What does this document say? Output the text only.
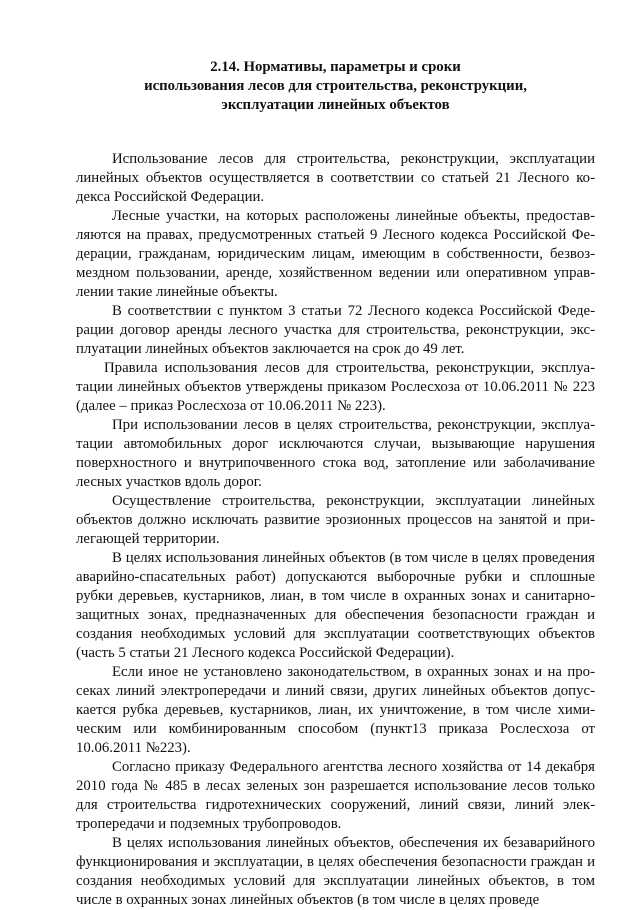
2.14. Нормативы, параметры и сроки
использования лесов для строительства, реконструкции,
эксплуатации линейных объектов

Использование лесов для строительства, реконструкции, эксплуатации линейных объектов осуществляется в соответствии со статьей 21 Лесного кодекса Российской Федерации.

Лесные участки, на которых расположены линейные объекты, предоставляются на правах, предусмотренных статьей 9 Лесного кодекса Российской Федерации, гражданам, юридическим лицам, имеющим в собственности, безвозмездном пользовании, аренде, хозяйственном ведении или оперативном управлении такие линейные объекты.

В соответствии с пунктом 3 статьи 72 Лесного кодекса Российской Федерации договор аренды лесного участка для строительства, реконструкции, эксплуатации линейных объектов заключается на срок до 49 лет.

Правила использования лесов для строительства, реконструкции, эксплуатации линейных объектов утверждены приказом Рослесхоза от 10.06.2011 № 223 (далее – приказ Рослесхоза от 10.06.2011 № 223).

При использовании лесов в целях строительства, реконструкции, эксплуатации автомобильных дорог исключаются случаи, вызывающие нарушения поверхностного и внутрипочвенного стока вод, затопление или заболачивание лесных участков вдоль дорог.

Осуществление строительства, реконструкции, эксплуатации линейных объектов должно исключать развитие эрозионных процессов на занятой и прилегающей территории.

В целях использования линейных объектов (в том числе в целях проведения аварийно-спасательных работ) допускаются выборочные рубки и сплошные рубки деревьев, кустарников, лиан, в том числе в охранных зонах и санитарно-защитных зонах, предназначенных для обеспечения безопасности граждан и создания необходимых условий для эксплуатации соответствующих объектов (часть 5 статьи 21 Лесного кодекса Российской Федерации).

Если иное не установлено законодательством, в охранных зонах и на просеках линий электропередачи и линий связи, других линейных объектов допускается рубка деревьев, кустарников, лиан, их уничтожение, в том числе химическим или комбинированным способом (пункт13 приказа Рослесхоза от 10.06.2011 №223).

Согласно приказу Федерального агентства лесного хозяйства от 14 декабря 2010 года № 485 в лесах зеленых зон разрешается использование лесов только для строительства гидротехнических сооружений, линий связи, линий электропередачи и подземных трубопроводов.

В целях использования линейных объектов, обеспечения их безаварийного функционирования и эксплуатации, в целях обеспечения безопасности граждан и создания необходимых условий для эксплуатации линейных объектов, в том числе в охранных зонах линейных объектов (в том числе в целях проведе
